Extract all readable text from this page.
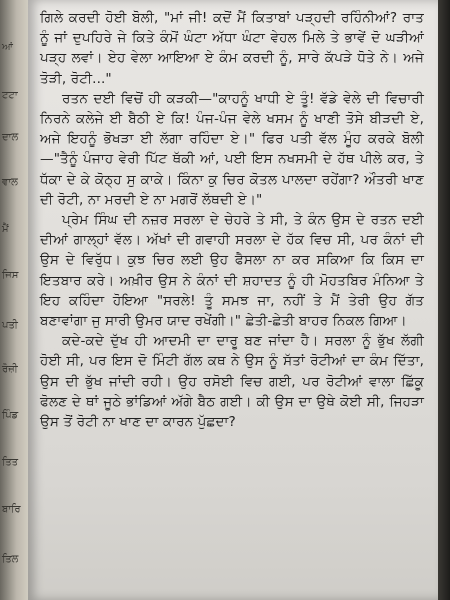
ਆਂ
ਟਟਾ
ਦਾਲ
ਵਾਲ
ਮੈਂ
ਜਿਸ
ਪਤੀ
ਰੋਜ਼ੀ
ਪਿੰਡ
ਤਿਤ
ਬਾਰਿ
ਤਿਲ

ਗਿਲੇ ਕਰਦੀ ਹੋਈ ਬੋਲੀ, "ਮਾਂ ਜੀ! ਕਦੋਂ ਮੈਂ ਕਿਤਾਬਾਂ ਪੜ੍ਹਦੀ ਰਹਿੰਨੀਆਂ? ਰਾਤ ਨੂੰ ਜਾਂ ਦੁਪਹਿਰੇ ਜੇ ਕਿਤੇ ਕੰਮੋਂ ਘੰਟਾ ਅੱਧਾ ਘੰਟਾ ਵੇਹਲ ਮਿਲੇ ਤੇ ਭਾਵੇਂ ਦੋ ਘੜੀਆਂ ਪੜ੍ਹ ਲਵਾਂ। ਏਹ ਵੇਲਾ ਆਇਆ ਏ ਕੰਮ ਕਰਦੀ ਨੂੰ, ਸਾਰੇ ਕੱਪੜੇ ਧੋਤੇ ਨੇ। ਅਜੇ ਤੋੜੀ, ਰੋਟੀ..."

ਰਤਨ ਦਈ ਵਿਚੋਂ ਹੀ ਕੜਕੀ—"ਕਾਹਨੂੰ ਖਾਧੀ ਏ ਤੂੰ! ਵੱਡੇ ਵੇਲੇ ਦੀ ਵਿਚਾਰੀ ਨਿਰਨੇ ਕਲੇਜੇ ਈ ਬੈਠੀ ਏ ਕਿ! ਪੰਜ-ਪੰਜ ਵੇਲੇ ਖਸਮ ਨੂੰ ਖਾਣੀ ਤੋਸੇ ਬੀੜਦੀ ਏ, ਅਜੇ ਇਹਨੂੰ ਭੋਖੜਾ ਈ ਲੱਗਾ ਰਹਿੰਦਾ ਏ।" ਫਿਰ ਪਤੀ ਵੱਲ ਮੂੰਹ ਕਰਕੇ ਬੋਲੀ—"ਤੈਨੂੰ ਪੰਜਾਹ ਵੇਰੀ ਪਿੱਟ ਥੱਕੀ ਆਂ, ਪਈ ਇਸ ਨਖਸਮੀ ਦੇ ਹੱਥ ਪੀਲੇ ਕਰ, ਤੇ ਧੱਕਾ ਦੇ ਕੇ ਕੋਠ੍ਹ ਸੁ ਕਾਕੇ। ਕਿੰਨਾ ਕੁ ਚਿਰ ਕੋਤਲ ਪਾਲਦਾ ਰਹੇਂਗਾ? ਔਤਰੀ ਖਾਣ ਦੀ ਰੋਟੀ, ਨਾ ਮਰਦੀ ਏ ਨਾ ਮਗਰੋਂ ਲੱਥਦੀ ਏ।"

ਪ੍ਰੇਮ ਸਿੰਘ ਦੀ ਨਜ਼ਰ ਸਰਲਾ ਦੇ ਚੇਹਰੇ ਤੇ ਸੀ, ਤੇ ਕੰਨ ਉਸ ਦੇ ਰਤਨ ਦਈ ਦੀਆਂ ਗਾਲ੍ਹਾਂ ਵੱਲ। ਅੱਖਾਂ ਦੀ ਗਵਾਹੀ ਸਰਲਾ ਦੇ ਹੱਕ ਵਿਚ ਸੀ, ਪਰ ਕੰਨਾਂ ਦੀ ਉਸ ਦੇ ਵਿਰੁੱਧ। ਕੁਝ ਚਿਰ ਲਈ ਉਹ ਫੈਸਲਾ ਨਾ ਕਰ ਸਕਿਆ ਕਿ ਕਿਸ ਦਾ ਇਤਬਾਰ ਕਰੇ। ਅਖ਼ੀਰ ਉਸ ਨੇ ਕੰਨਾਂ ਦੀ ਸ਼ਹਾਦਤ ਨੂੰ ਹੀ ਮੋਹਤਬਿਰ ਮੰਨਿਆ ਤੇ ਇਹ ਕਹਿੰਦਾ ਹੋਇਆ "ਸਰਲੇ! ਤੂੰ ਸਮਝ ਜਾ, ਨਹੀਂ ਤੇ ਮੈਂ ਤੇਰੀ ਉਹ ਗੱਤ ਬਣਾਵਾਂਗਾ ਜੁ ਸਾਰੀ ਉਮਰ ਯਾਦ ਰਖੇਂਗੀ।" ਛੇਤੀ-ਛੇਤੀ ਬਾਹਰ ਨਿਕਲ ਗਿਆ।

ਕਦੇ-ਕਦੇ ਦੁੱਖ ਹੀ ਆਦਮੀ ਦਾ ਦਾਰੂ ਬਣ ਜਾਂਦਾ ਹੈ। ਸਰਲਾ ਨੂੰ ਭੁੱਖ ਲੱਗੀ ਹੋਈ ਸੀ, ਪਰ ਇਸ ਦੋ ਮਿੰਟੀ ਗੱਲ ਕਥ ਨੇ ਉਸ ਨੂੰ ਸੱਤਾਂ ਰੋਟੀਆਂ ਦਾ ਕੰਮ ਦਿੱਤਾ, ਉਸ ਦੀ ਭੁੱਖ ਜਾਂਦੀ ਰਹੀ। ਉਹ ਰਸੋਈ ਵਿਚ ਗਈ, ਪਰ ਰੋਟੀਆਂ ਵਾਲਾ ਛਿੱਕੂ ਫੋਲਣ ਦੇ ਥਾਂ ਜੂਠੇ ਭਾਂਡਿਆਂ ਅੱਗੇ ਬੈਠ ਗਈ। ਕੀ ਉਸ ਦਾ ਉਥੇ ਕੋਈ ਸੀ, ਜਿਹੜਾ ਉਸ ਤੋਂ ਰੋਟੀ ਨਾ ਖਾਣ ਦਾ ਕਾਰਨ ਪੁੱਛਦਾ?
